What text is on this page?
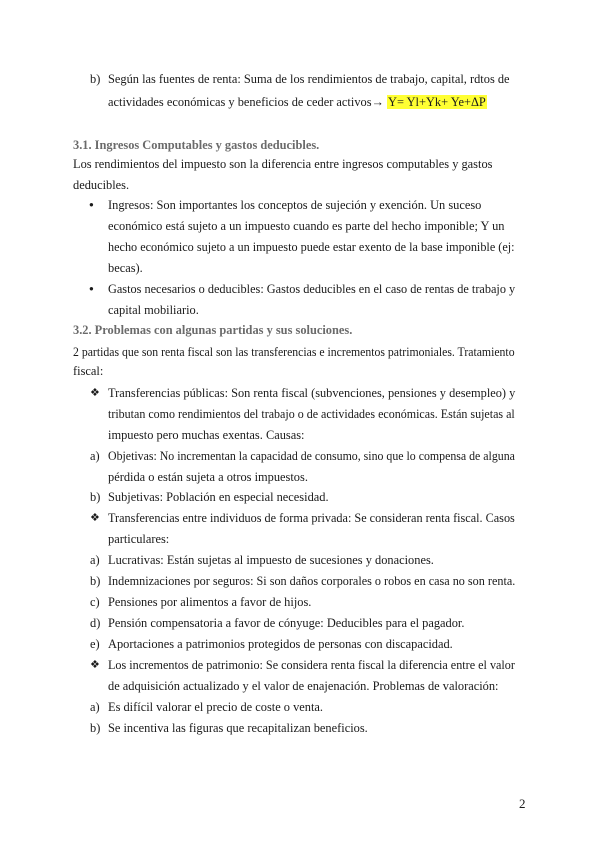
b) Según las fuentes de renta: Suma de los rendimientos de trabajo, capital, rdtos de
actividades económicas y beneficios de ceder activos→ Y= Yl+Yk+ Ye+ΔP
3.1. Ingresos Computables y gastos deducibles.
Los rendimientos del impuesto son la diferencia entre ingresos computables y gastos
deducibles.
● Ingresos: Son importantes los conceptos de sujeción y exención. Un suceso
económico está sujeto a un impuesto cuando es parte del hecho imponible; Y un
hecho económico sujeto a un impuesto puede estar exento de la base imponible (ej:
becas).
● Gastos necesarios o deducibles: Gastos deducibles en el caso de rentas de trabajo y
capital mobiliario.
3.2. Problemas con algunas partidas y sus soluciones.
2 partidas que son renta fiscal son las transferencias e incrementos patrimoniales. Tratamiento
fiscal:
❖ Transferencias públicas: Son renta fiscal (subvenciones, pensiones y desempleo) y
tributan como rendimientos del trabajo o de actividades económicas. Están sujetas al
impuesto pero muchas exentas. Causas:
a) Objetivas: No incrementan la capacidad de consumo, sino que lo compensa de alguna
pérdida o están sujeta a otros impuestos.
b) Subjetivas: Población en especial necesidad.
❖ Transferencias entre individuos de forma privada: Se consideran renta fiscal. Casos
particulares:
a) Lucrativas: Están sujetas al impuesto de sucesiones y donaciones.
b) Indemnizaciones por seguros: Si son daños corporales o robos en casa no son renta.
c) Pensiones por alimentos a favor de hijos.
d) Pensión compensatoria a favor de cónyuge: Deducibles para el pagador.
e) Aportaciones a patrimonios protegidos de personas con discapacidad.
❖ Los incrementos de patrimonio: Se considera renta fiscal la diferencia entre el valor
de adquisición actualizado y el valor de enajenación. Problemas de valoración:
a) Es difícil valorar el precio de coste o venta.
b) Se incentiva las figuras que recapitalizan beneficios.
2
